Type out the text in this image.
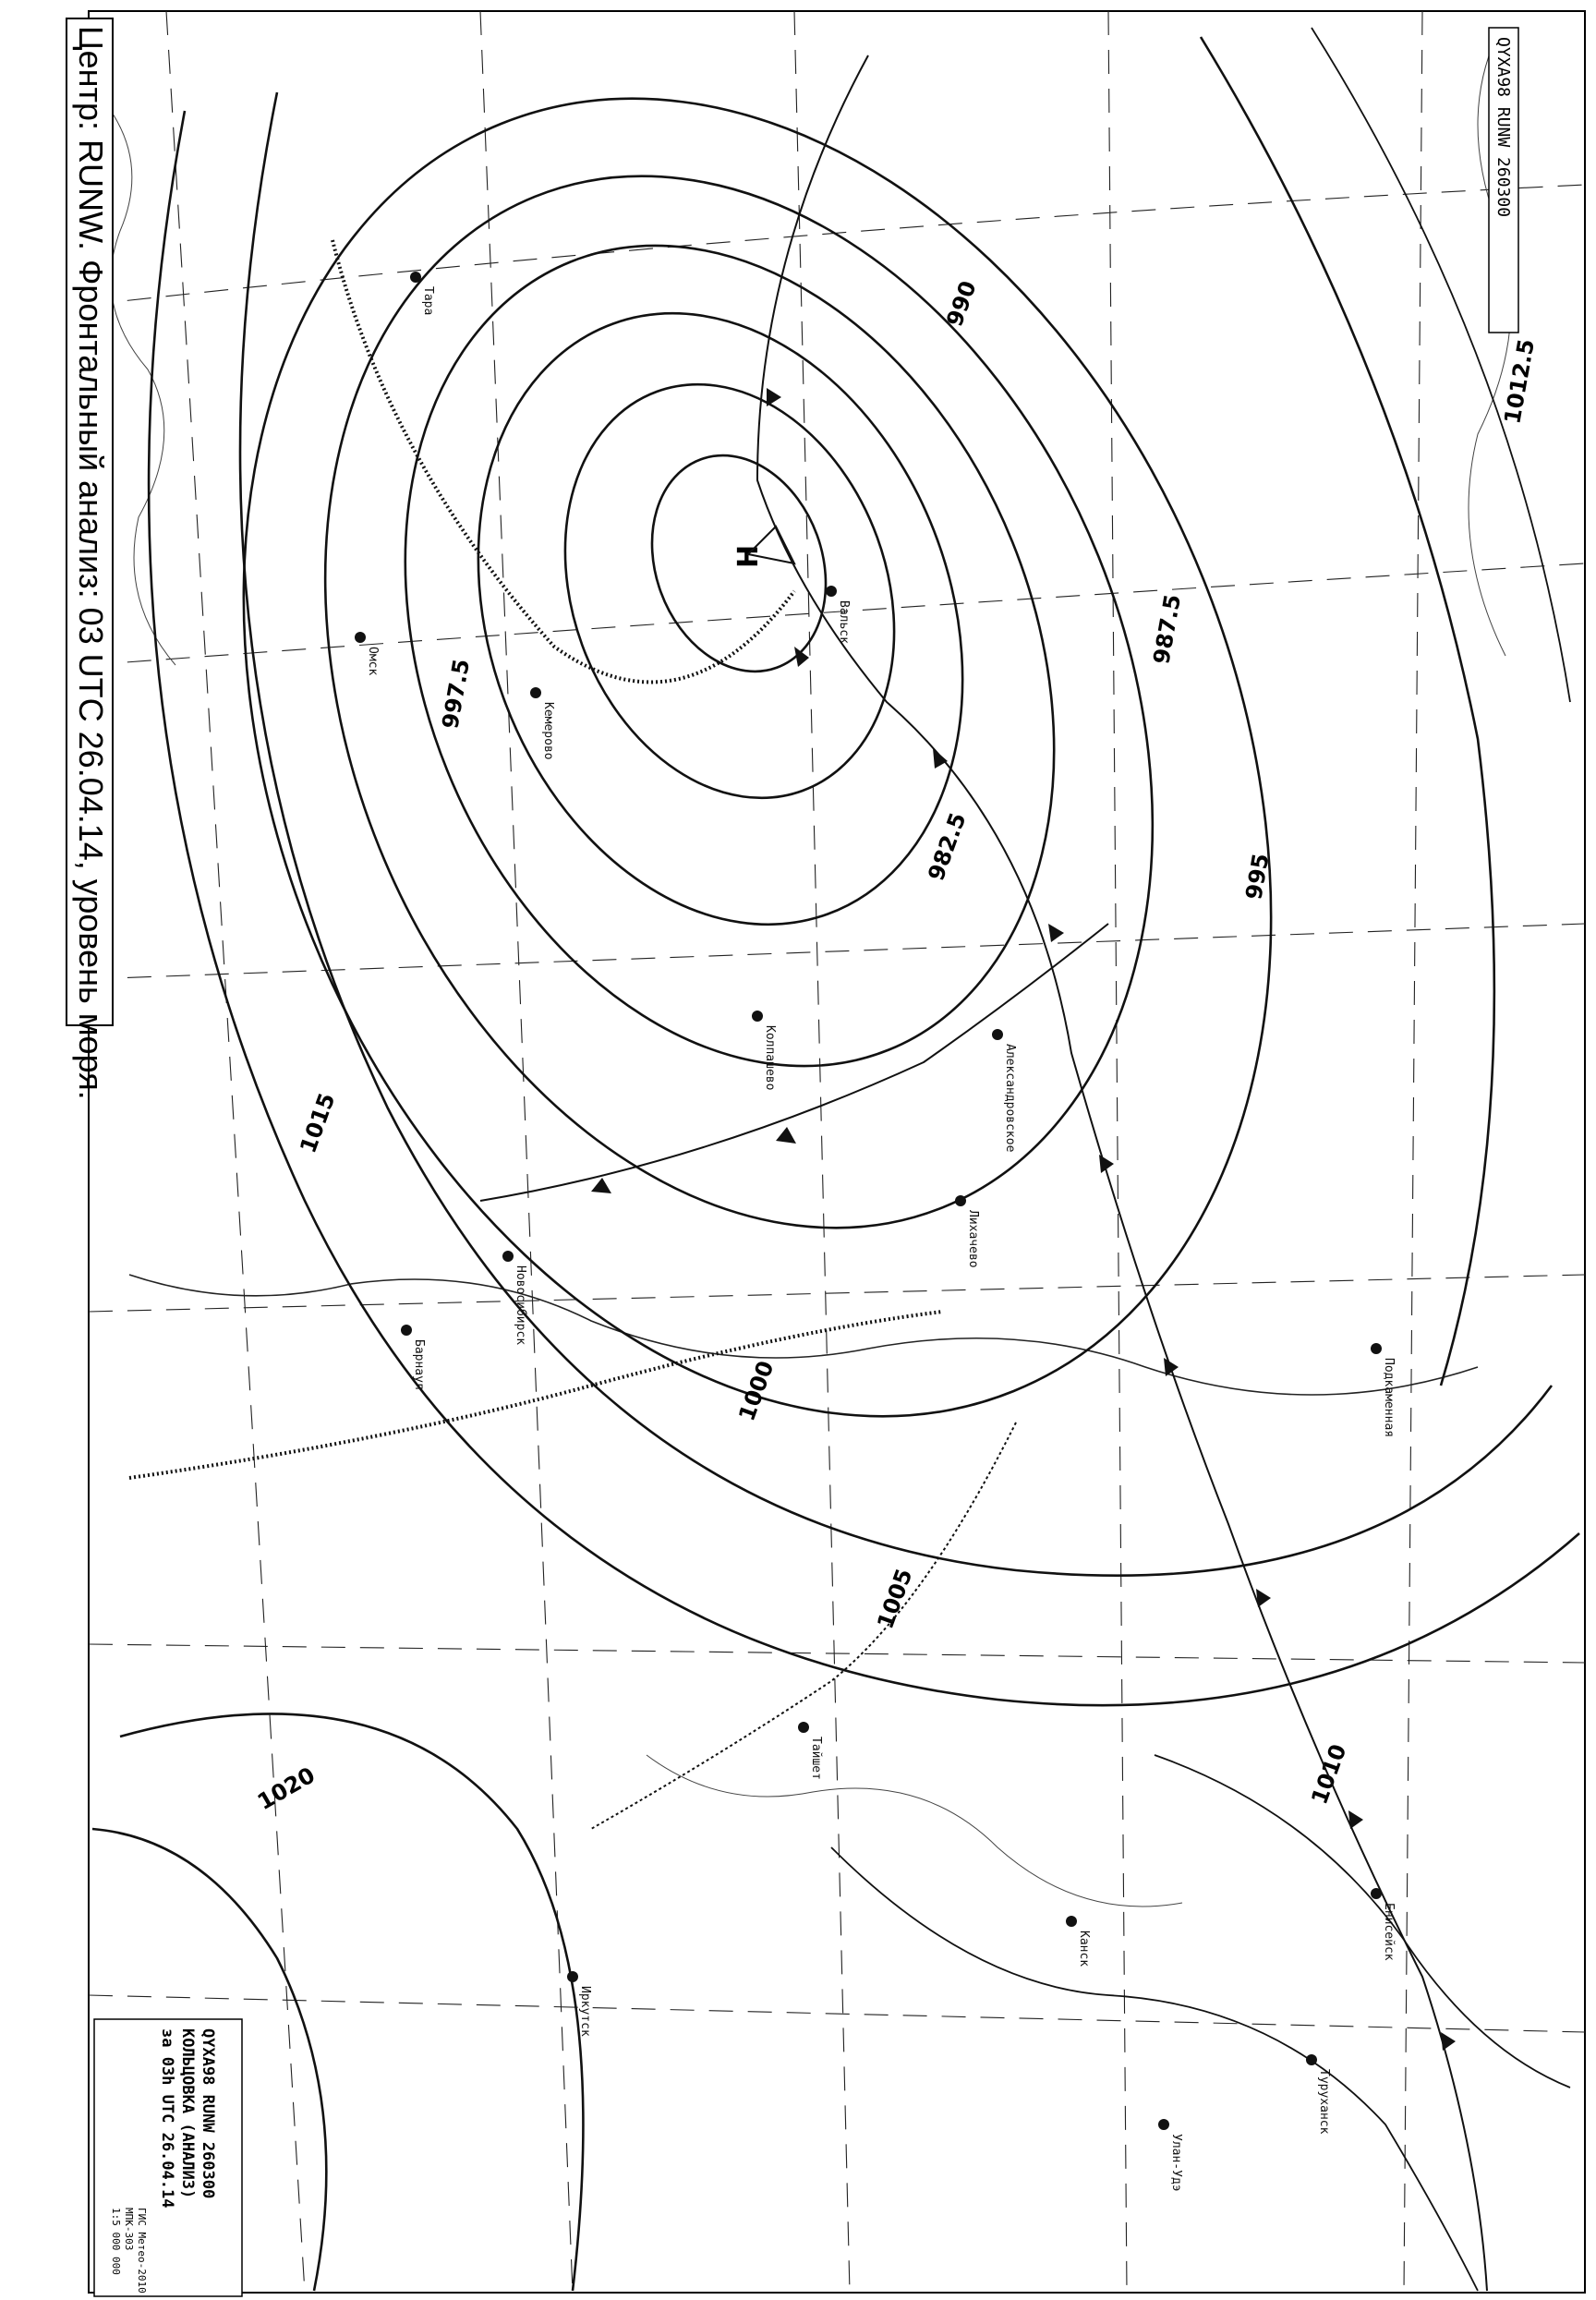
982.5
987.5
990
995
997.5
1000
1005
1010
1012.5
1015
1020
H
Вальск
Александровское
Туруханск
Подкаменная
Енисейск
Кемерово
Новосибирск
Барнаул
Омск
Тара
Колпашево
Лихачево
Иркутск
Улан-Удэ
Тайшет
Канск
Центр: RUNW. Фронтальный анализ: 03 UTC 26.04.14, уровень моря.	QYXA98 RUNW 260300
QYXA98 RUNW 260300
КОЛЬЦОВКА (АНАЛИЗ)
за 03h UTC 26.04.14
ГИС Метео-2010
МПК-303
1:5 000 000
